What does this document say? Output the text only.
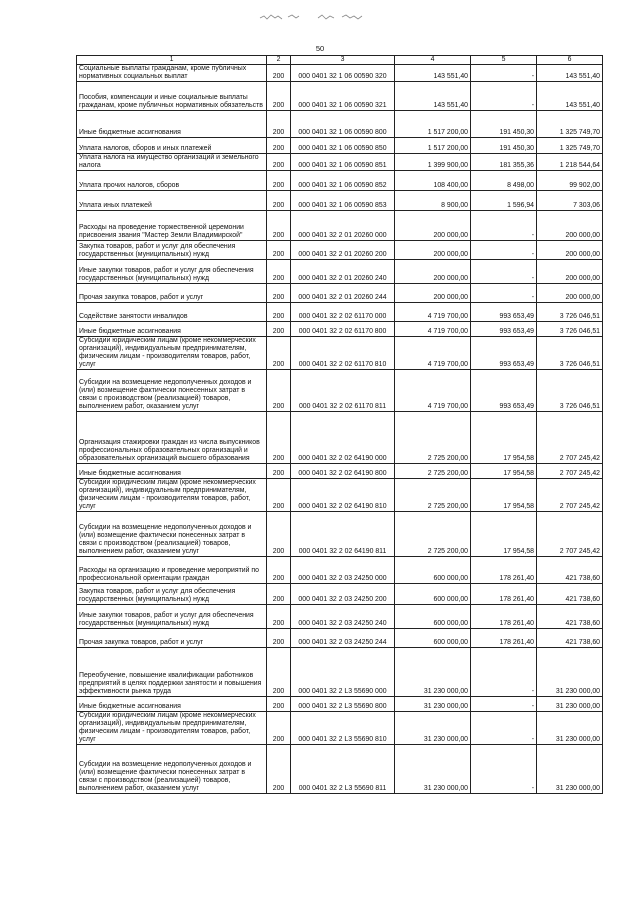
50
1	2	3	4	5	6
Социальные выплаты гражданам, кроме публичных нормативных социальных выплат	200	000 0401 32 1 06 00590 320	143 551,40	-	143 551,40
Пособия, компенсации и иные социальные выплаты гражданам, кроме публичных нормативных обязательств	200	000 0401 32 1 06 00590 321	143 551,40	-	143 551,40
Иные бюджетные ассигнования	200	000 0401 32 1 06 00590 800	1 517 200,00	191 450,30	1 325 749,70
Уплата налогов, сборов и иных платежей	200	000 0401 32 1 06 00590 850	1 517 200,00	191 450,30	1 325 749,70
Уплата налога на имущество организаций и земельного налога	200	000 0401 32 1 06 00590 851	1 399 900,00	181 355,36	1 218 544,64
Уплата прочих налогов, сборов	200	000 0401 32 1 06 00590 852	108 400,00	8 498,00	99 902,00
Уплата иных платежей	200	000 0401 32 1 06 00590 853	8 900,00	1 596,94	7 303,06
Расходы на проведение торжественной церемонии присвоения звания "Мастер Земли Владимирской"	200	000 0401 32 2 01 20260 000	200 000,00	-	200 000,00
Закупка товаров, работ и услуг для обеспечения государственных (муниципальных) нужд	200	000 0401 32 2 01 20260 200	200 000,00	-	200 000,00
Иные закупки товаров, работ и услуг для обеспечения государственных (муниципальных) нужд	200	000 0401 32 2 01 20260 240	200 000,00	-	200 000,00
Прочая закупка товаров, работ и услуг	200	000 0401 32 2 01 20260 244	200 000,00	-	200 000,00
Содействие занятости инвалидов	200	000 0401 32 2 02 61170 000	4 719 700,00	993 653,49	3 726 046,51
Иные бюджетные ассигнования	200	000 0401 32 2 02 61170 800	4 719 700,00	993 653,49	3 726 046,51
Субсидии юридическим лицам (кроме некоммерческих организаций), индивидуальным предпринимателям, физическим лицам - производителям товаров, работ, услуг	200	000 0401 32 2 02 61170 810	4 719 700,00	993 653,49	3 726 046,51
Субсидии на возмещение недополученных доходов и (или) возмещение фактически понесенных затрат в связи с производством (реализацией) товаров, выполнением работ, оказанием услуг	200	000 0401 32 2 02 61170 811	4 719 700,00	993 653,49	3 726 046,51
Организация стажировки граждан из числа выпускников профессиональных образовательных организаций и образовательных организаций высшего образования	200	000 0401 32 2 02 64190 000	2 725 200,00	17 954,58	2 707 245,42
Иные бюджетные ассигнования	200	000 0401 32 2 02 64190 800	2 725 200,00	17 954,58	2 707 245,42
Субсидии юридическим лицам (кроме некоммерческих организаций), индивидуальным предпринимателям, физическим лицам - производителям товаров, работ, услуг	200	000 0401 32 2 02 64190 810	2 725 200,00	17 954,58	2 707 245,42
Субсидии на возмещение недополученных доходов и (или) возмещение фактически понесенных затрат в связи с производством (реализацией) товаров, выполнением работ, оказанием услуг	200	000 0401 32 2 02 64190 811	2 725 200,00	17 954,58	2 707 245,42
Расходы на организацию и проведение мероприятий по профессиональной ориентации граждан	200	000 0401 32 2 03 24250 000	600 000,00	178 261,40	421 738,60
Закупка товаров, работ и услуг для обеспечения государственных (муниципальных) нужд	200	000 0401 32 2 03 24250 200	600 000,00	178 261,40	421 738,60
Иные закупки товаров, работ и услуг для обеспечения государственных (муниципальных) нужд	200	000 0401 32 2 03 24250 240	600 000,00	178 261,40	421 738,60
Прочая закупка товаров, работ и услуг	200	000 0401 32 2 03 24250 244	600 000,00	178 261,40	421 738,60
Переобучение, повышение квалификации работников предприятий в целях поддержки занятости и повышения эффективности рынка труда	200	000 0401 32 2 L3 55690 000	31 230 000,00	-	31 230 000,00
Иные бюджетные ассигнования	200	000 0401 32 2 L3 55690 800	31 230 000,00	-	31 230 000,00
Субсидии юридическим лицам (кроме некоммерческих организаций), индивидуальным предпринимателям, физическим лицам - производителям товаров, работ, услуг	200	000 0401 32 2 L3 55690 810	31 230 000,00	-	31 230 000,00
Субсидии на возмещение недополученных доходов и (или) возмещение фактически понесенных затрат в связи с производством (реализацией) товаров, выполнением работ, оказанием услуг	200	000 0401 32 2 L3 55690 811	31 230 000,00	-	31 230 000,00
